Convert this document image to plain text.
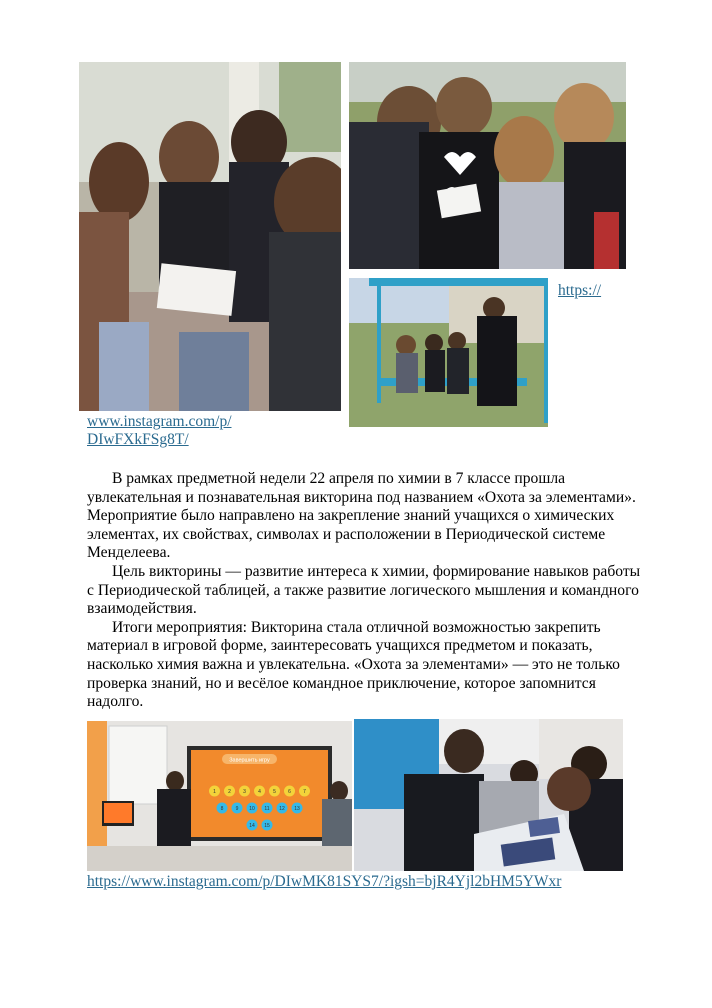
www.instagram.com/p/
DIwFXkFSg8T/
https://

В рамках предметной недели 22 апреля по химии в 7 классе прошла увлекательная и познавательная викторина под названием «Охота за элементами». Мероприятие было направлено на закрепление знаний учащихся о химических элементах, их свойствах, символах и расположении в Периодической системе Менделеева.

Цель викторины — развитие интереса к химии, формирование навыков работы с Периодической таблицей, а также развитие логического мышления и командного взаимодействия.

Итоги мероприятия: Викторина стала отличной возможностью закрепить материал в игровой форме, заинтересовать учащихся предметом и показать, насколько химия важна и увлекательна. «Охота за элементами» — это не только проверка знаний, но и весёлое командное приключение, которое запомнится надолго.

Завершить игру
1 2 3 4 5 6 7
8 9 10 11 12 13
14 15
https://www.instagram.com/p/DIwMK81SYS7/?igsh=bjR4Yjl2bHM5YWxr
